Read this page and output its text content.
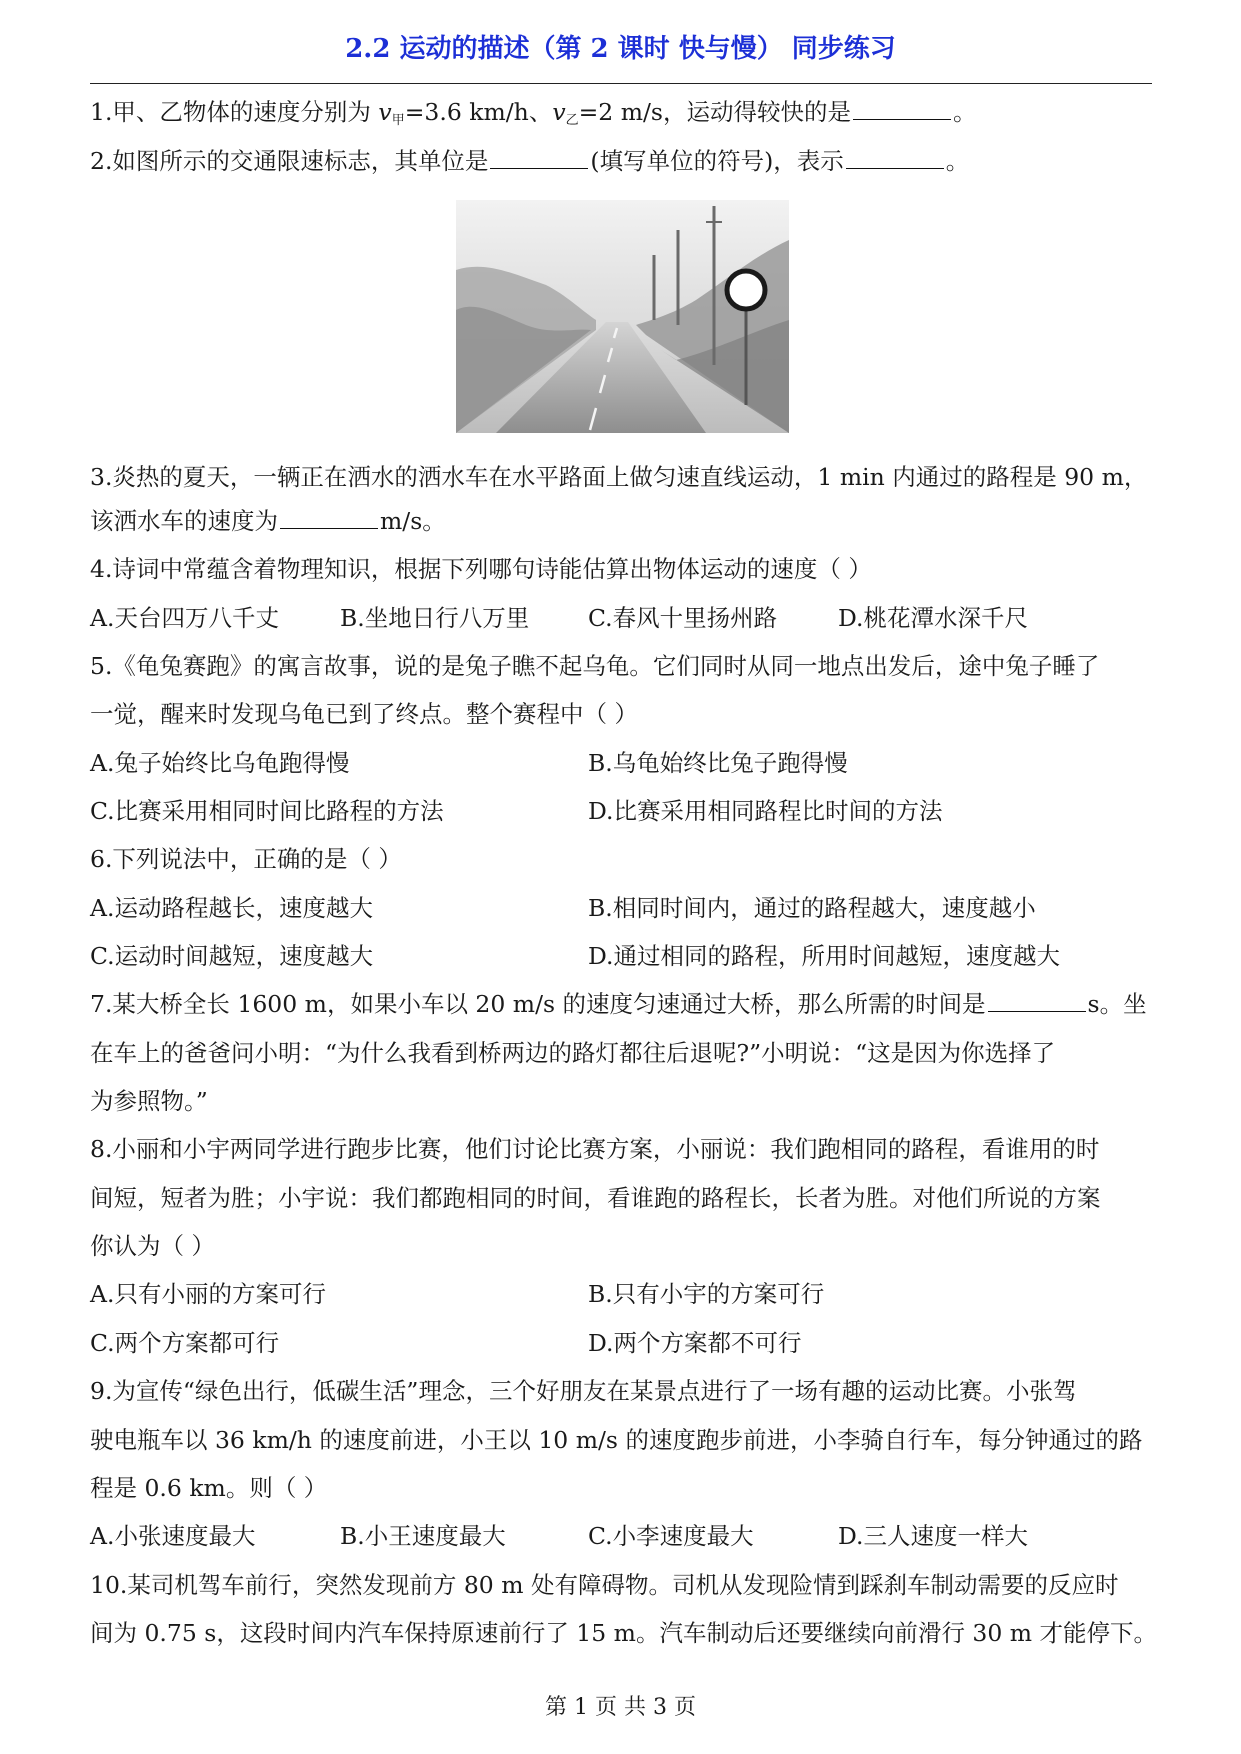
2.2 运动的描述（第 2 课时 快与慢） 同步练习
1.甲、乙物体的速度分别为 $v_甲=3.6$ km/h、$v_乙=2$ m/s，运动得较快的是	。
2.如图所示的交通限速标志，其单位是	(填写单位的符号)，表示	。
3.炎热的夏天，一辆正在洒水的洒水车在水平路面上做匀速直线运动，1 min 内通过的路程是 90 m，
该洒水车的速度为	m/s。
4.诗词中常蕴含着物理知识，根据下列哪句诗能估算出物体运动的速度（ ）
A.天台四万八千丈	B.坐地日行八万里	C.春风十里扬州路	D.桃花潭水深千尺
5.《龟兔赛跑》的寓言故事，说的是兔子瞧不起乌龟。它们同时从同一地点出发后，途中兔子睡了
一觉，醒来时发现乌龟已到了终点。整个赛程中（ ）
A.兔子始终比乌龟跑得慢	B.乌龟始终比兔子跑得慢
C.比赛采用相同时间比路程的方法	D.比赛采用相同路程比时间的方法
6.下列说法中，正确的是（ ）
A.运动路程越长，速度越大	B.相同时间内，通过的路程越大，速度越小
C.运动时间越短，速度越大	D.通过相同的路程，所用时间越短，速度越大
7.某大桥全长 1600 m，如果小车以 20 m/s 的速度匀速通过大桥，那么所需的时间是	s。坐
在车上的爸爸问小明：“为什么我看到桥两边的路灯都往后退呢?”小明说：“这是因为你选择了
为参照物。”
8.小丽和小宇两同学进行跑步比赛，他们讨论比赛方案，小丽说：我们跑相同的路程，看谁用的时
间短，短者为胜；小宇说：我们都跑相同的时间，看谁跑的路程长，长者为胜。对他们所说的方案
你认为（ ）
A.只有小丽的方案可行	B.只有小宇的方案可行
C.两个方案都可行	D.两个方案都不可行
9.为宣传“绿色出行，低碳生活”理念，三个好朋友在某景点进行了一场有趣的运动比赛。小张驾
驶电瓶车以 36 km/h 的速度前进，小王以 10 m/s 的速度跑步前进，小李骑自行车，每分钟通过的路
程是 0.6 km。则（ ）
A.小张速度最大	B.小王速度最大	C.小李速度最大	D.三人速度一样大
10.某司机驾车前行，突然发现前方 80 m 处有障碍物。司机从发现险情到踩刹车制动需要的反应时
间为 0.75 s，这段时间内汽车保持原速前行了 15 m。汽车制动后还要继续向前滑行 30 m 才能停下。
第 1 页 共 3 页
